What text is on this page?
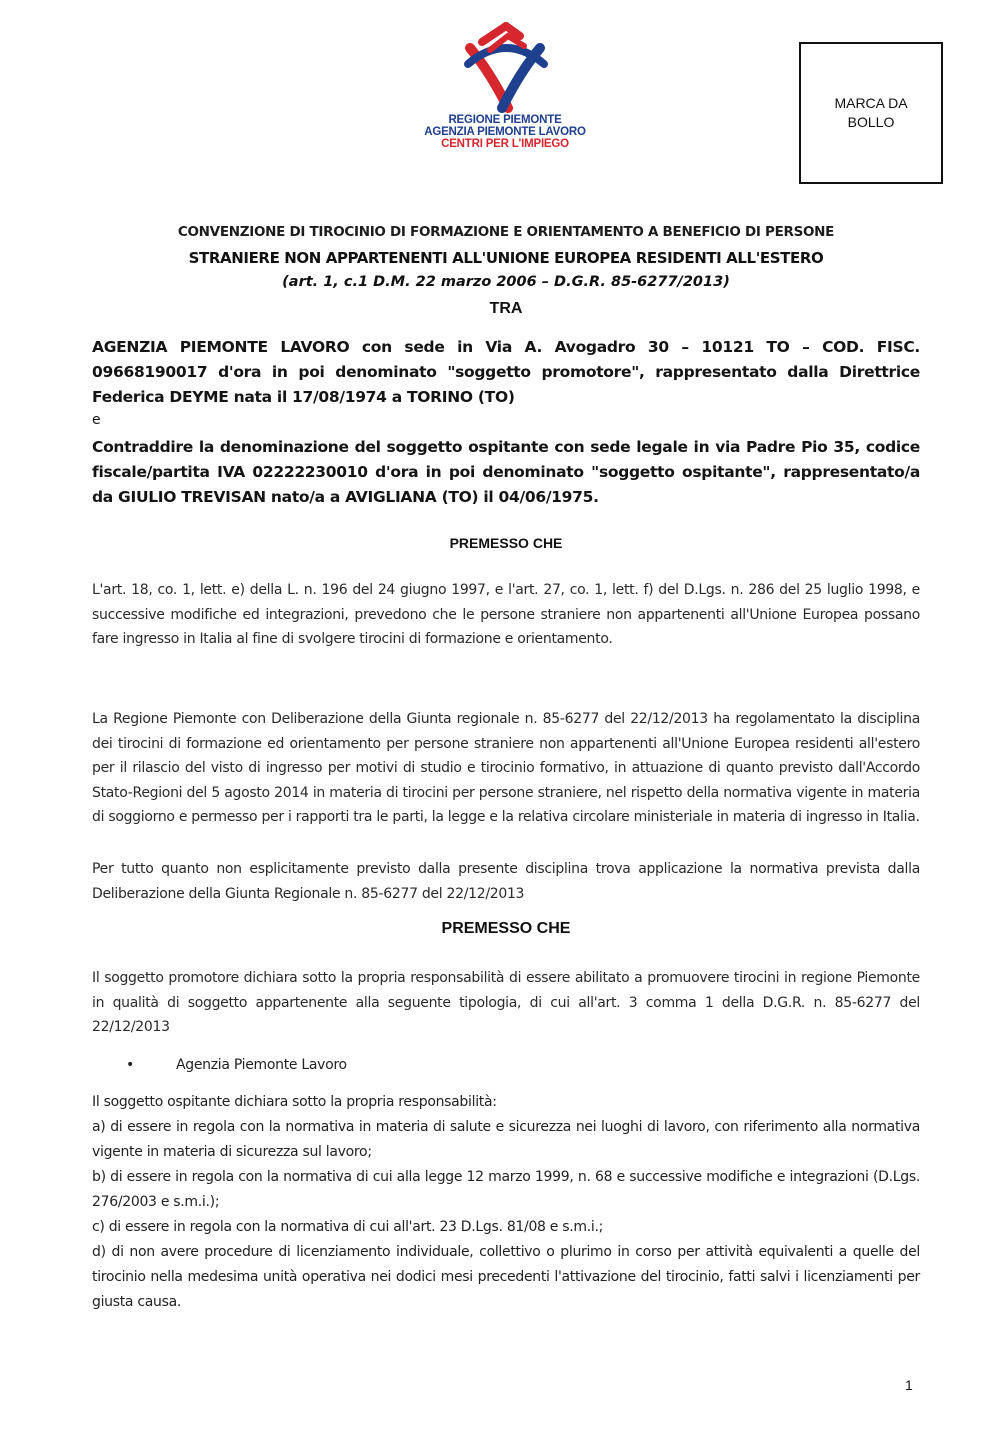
REGIONE PIEMONTE
AGENZIA PIEMONTE LAVORO
CENTRI PER L'IMPIEGO
MARCA DA
BOLLO
CONVENZIONE DI TIROCINIO DI FORMAZIONE E ORIENTAMENTO A BENEFICIO DI PERSONE
STRANIERE NON APPARTENENTI ALL'UNIONE EUROPEA RESIDENTI ALL'ESTERO
(art. 1, c.1 D.M. 22 marzo 2006 – D.G.R. 85-6277/2013)
TRA
AGENZIA PIEMONTE LAVORO con sede in Via A. Avogadro 30 – 10121 TO – COD. FISC. 09668190017 d'ora in poi denominato "soggetto promotore", rappresentato dalla Direttrice Federica DEYME nata il 17/08/1974 a TORINO (TO)
e
Contraddire la denominazione del soggetto ospitante con sede legale in via Padre Pio 35, codice fiscale/partita IVA 02222230010 d'ora in poi denominato "soggetto ospitante", rappresentato/a da GIULIO TREVISAN nato/a a AVIGLIANA (TO) il 04/06/1975.
PREMESSO CHE
L'art. 18, co. 1, lett. e) della L. n. 196 del 24 giugno 1997, e l'art. 27, co. 1, lett. f) del D.Lgs. n. 286 del 25 luglio 1998, e successive modifiche ed integrazioni, prevedono che le persone straniere non appartenenti all'Unione Europea possano fare ingresso in Italia al fine di svolgere tirocini di formazione e orientamento.
La Regione Piemonte con Deliberazione della Giunta regionale n. 85-6277 del 22/12/2013 ha regolamentato la disciplina dei tirocini di formazione ed orientamento per persone straniere non appartenenti all'Unione Europea residenti all'estero per il rilascio del visto di ingresso per motivi di studio e tirocinio formativo, in attuazione di quanto previsto dall'Accordo Stato-Regioni del 5 agosto 2014 in materia di tirocini per persone straniere, nel rispetto della normativa vigente in materia di soggiorno e permesso per i rapporti tra le parti, la legge e la relativa circolare ministeriale in materia di ingresso in Italia.
Per tutto quanto non esplicitamente previsto dalla presente disciplina trova applicazione la normativa prevista dalla Deliberazione della Giunta Regionale n. 85-6277 del 22/12/2013
PREMESSO CHE
Il soggetto promotore dichiara sotto la propria responsabilità di essere abilitato a promuovere tirocini in regione Piemonte in qualità di soggetto appartenente alla seguente tipologia, di cui all'art. 3 comma 1 della D.G.R. n. 85-6277 del 22/12/2013
•	Agenzia Piemonte Lavoro
Il soggetto ospitante dichiara sotto la propria responsabilità:
a) di essere in regola con la normativa in materia di salute e sicurezza nei luoghi di lavoro, con riferimento alla normativa vigente in materia di sicurezza sul lavoro;
b) di essere in regola con la normativa di cui alla legge 12 marzo 1999, n. 68 e successive modifiche e integrazioni (D.Lgs. 276/2003 e s.m.i.);
c) di essere in regola con la normativa di cui all'art. 23 D.Lgs. 81/08 e s.m.i.;
d) di non avere procedure di licenziamento individuale, collettivo o plurimo in corso per attività equivalenti a quelle del tirocinio nella medesima unità operativa nei dodici mesi precedenti l'attivazione del tirocinio, fatti salvi i licenziamenti per giusta causa.
1
